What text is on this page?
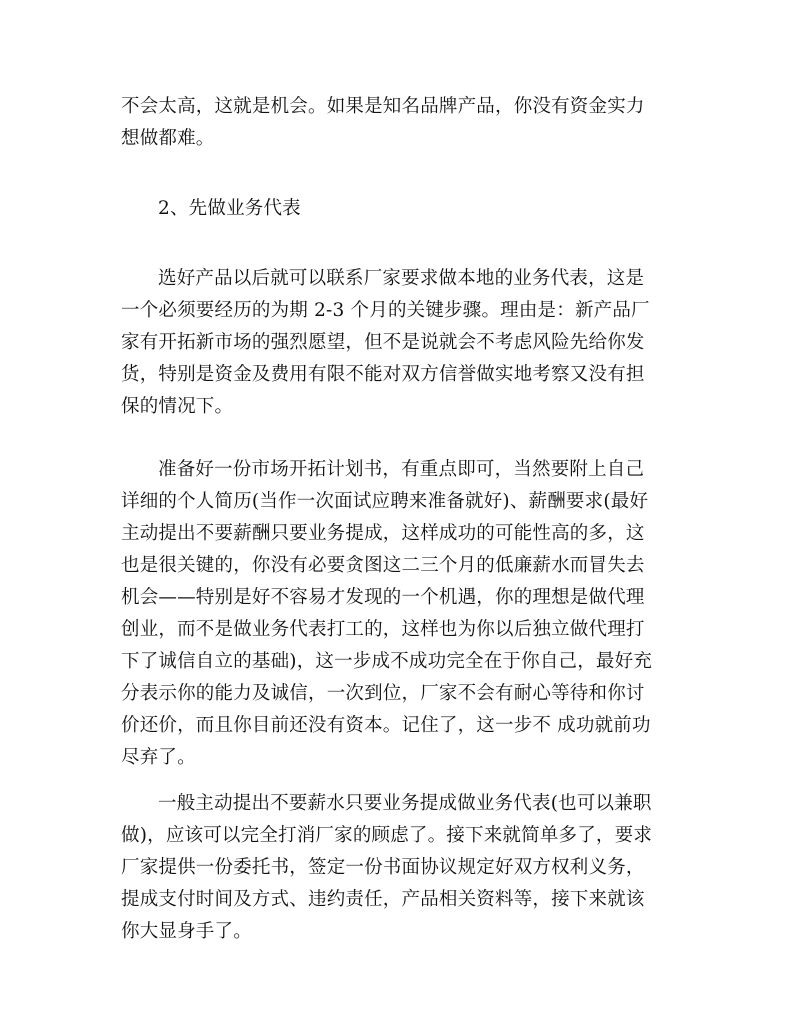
不会太高，这就是机会。如果是知名品牌产品，你没有资金实力
想做都难。
2、先做业务代表
选好产品以后就可以联系厂家要求做本地的业务代表，这是
一个必须要经历的为期 2-3 个月的关键步骤。理由是：新产品厂
家有开拓新市场的强烈愿望，但不是说就会不考虑风险先给你发
货，特别是资金及费用有限不能对双方信誉做实地考察又没有担
保的情况下。
准备好一份市场开拓计划书，有重点即可，当然要附上自己
详细的个人简历(当作一次面试应聘来准备就好)、薪酬要求(最好
主动提出不要薪酬只要业务提成，这样成功的可能性高的多，这
也是很关键的，你没有必要贪图这二三个月的低廉薪水而冒失去
机会——特别是好不容易才发现的一个机遇，你的理想是做代理
创业，而不是做业务代表打工的，这样也为你以后独立做代理打
下了诚信自立的基础)，这一步成不成功完全在于你自己，最好充
分表示你的能力及诚信，一次到位，厂家不会有耐心等待和你讨
价还价，而且你目前还没有资本。记住了，这一步不 成功就前功
尽弃了。
一般主动提出不要薪水只要业务提成做业务代表(也可以兼职
做)，应该可以完全打消厂家的顾虑了。接下来就简单多了，要求
厂家提供一份委托书，签定一份书面协议规定好双方权利义务，
提成支付时间及方式、违约责任，产品相关资料等，接下来就该
你大显身手了。
